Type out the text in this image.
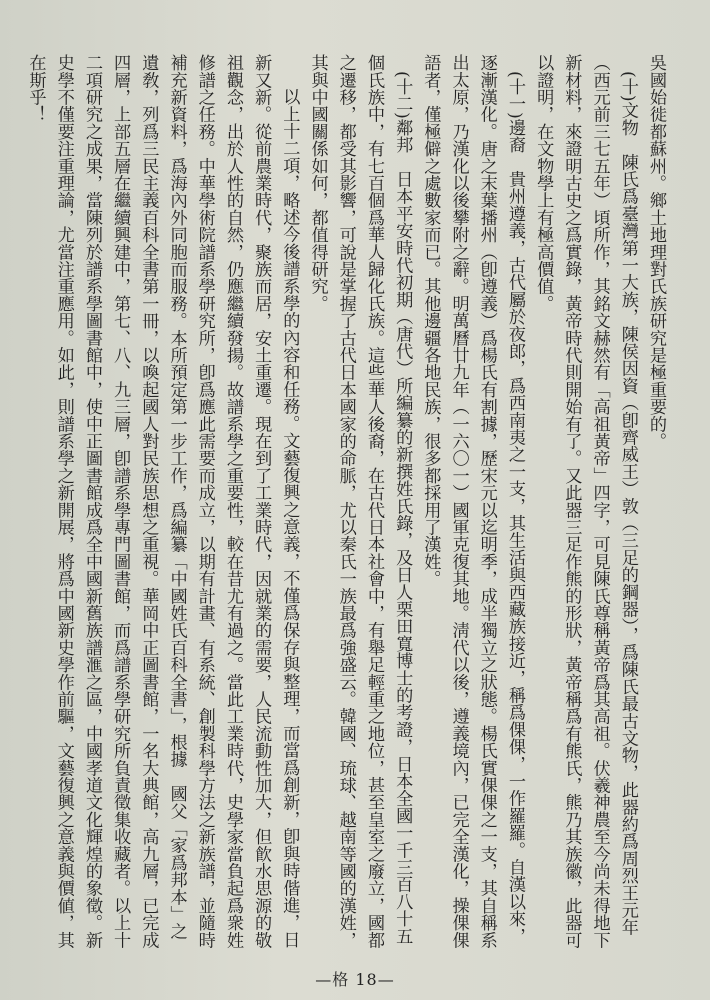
吳國始徙都蘇州。鄉土地理對氏族研究是極重要的。

(十)文物　陳氏爲臺灣第一大族，陳侯因資（卽齊威王）敦（三足的鋼器），爲陳氏最古文物，此器約爲周烈王元年（西元前三七五年）頃所作，其銘文赫然有「高祖黃帝」四字，可見陳氏尊稱黃帝爲其高祖。伏羲神農至今尚未得地下新材料，來證明古史之爲實錄，黃帝時代則開始有了。又此器三足作熊的形狀，黃帝稱爲有熊氏，熊乃其族徽，此器可以證明，在文物學上有極高價值。

(十一)邊裔　貴州遵義，古代屬於夜郎，爲西南夷之一支，其生活與西藏族接近，稱爲倮倮，一作羅羅。自漢以來，逐漸漢化。唐之末葉播州（卽遵義）爲楊氏有割據，歷宋元以迄明季，成半獨立之狀態。楊氏實倮倮之一支，其自稱系出太原，乃漢化以後攀附之辭。明萬曆廿九年（一六〇一）國軍克復其地。淸代以後，遵義境內，已完全漢化，操倮倮語者，僅極僻之處數家而已。其他邊疆各地民族，很多都採用了漢姓。

(十二)鄰邦　日本平安時代初期（唐代）所編纂的新撰姓氏錄，及日人栗田寬博士的考證，日本全國一千三百八十五個氏族中，有七百個爲華人歸化氏族。這些華人後裔，在古代日本社會中，有舉足輕重之地位，甚至皇室之廢立，國都之遷移，都受其影響，可說是掌握了古代日本國家的命脈，尤以秦氏一族最爲強盛云。韓國、琉球、越南等國的漢姓，其與中國關係如何，都值得研究。

以上十二項，略述今後譜系學的內容和任務。文藝復興之意義，不僅爲保存與整理，而當爲創新，卽與時偕進，日新又新。從前農業時代，聚族而居，安土重遷。現在到了工業時代，因就業的需要，人民流動性加大，但飮水思源的敬祖觀念，出於人性的自然，仍應繼續發揚。故譜系學之重要性，較在昔尤有過之。當此工業時代，史學家當負起爲衆姓修譜之任務。中華學術院譜系學研究所，卽爲應此需要而成立，以期有計畫、有系統、創製科學方法之新族譜，並隨時補充新資料，爲海內外同胞而服務。本所預定第一步工作，爲編纂「中國姓氏百科全書」，根據　國父「家爲邦本」之遺敎，列爲三民主義百科全書第一冊，以喚起國人對民族思想之重視。華岡中正圖書館，一名大典館，高九層，已完成四層，上部五層在繼續興建中，第七、八、九三層，卽譜系學專門圖書館，而爲譜系學研究所負責徵集收藏者。以上十二項研究之成果，當陳列於譜系學圖書館中，使中正圖書館成爲全中國新舊族譜滙之區，中國孝道文化輝煌的象徵。新史學不僅要注重理論，尤當注重應用。如此，則譜系學之新開展，將爲中國新史學作前驅，文藝復興之意義與價値，其在斯乎！

—格 18—
